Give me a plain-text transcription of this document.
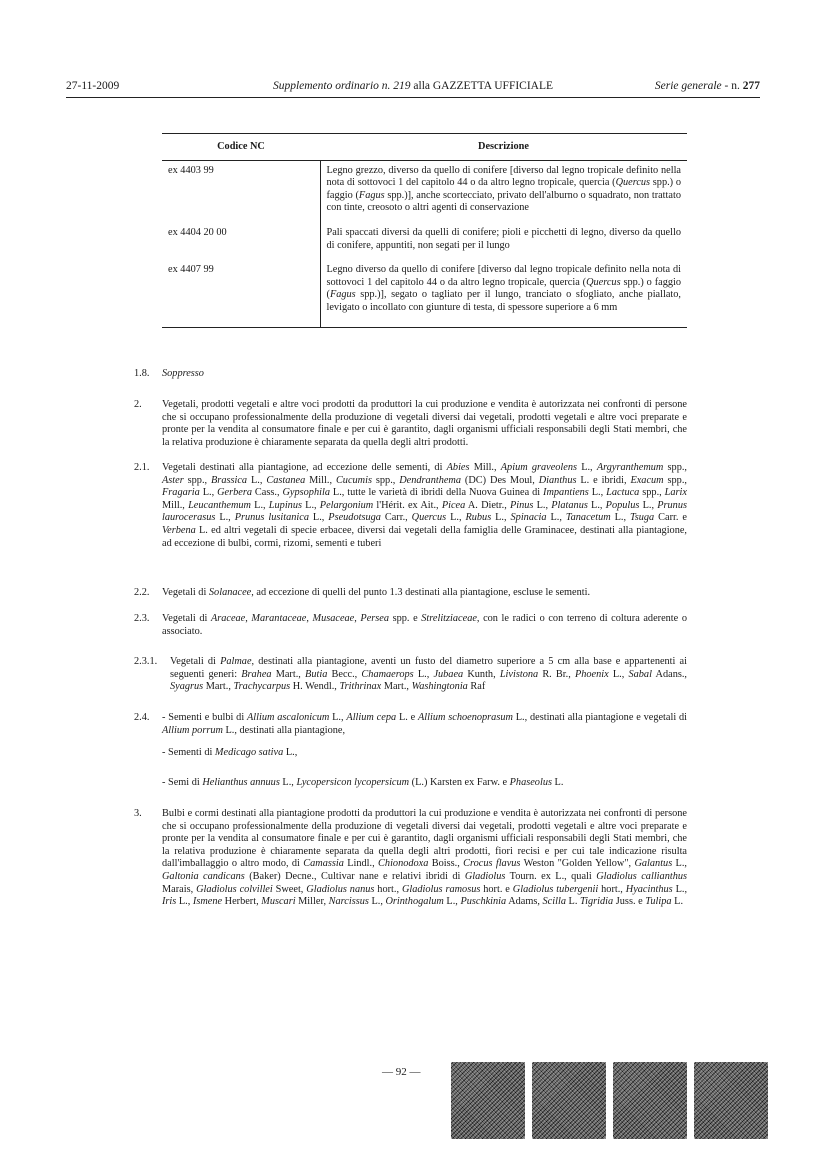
27-11-2009	Supplemento ordinario n. 219 alla GAZZETTA UFFICIALE	Serie generale - n. 277
Codice NC	Descrizione
ex 4403 99	Legno grezzo, diverso da quello di conifere [diverso dal legno tropicale definito nella nota di sottovoci 1 del capitolo 44 o da altro legno tropicale, quercia (Quercus spp.) o faggio (Fagus spp.)], anche scortecciato, privato dell'alburno o squadrato, non trattato con tinte, creosoto o altri agenti di conservazione
ex 4404 20 00	Pali spaccati diversi da quelli di conifere; pioli e picchetti di legno, diverso da quello di conifere, appuntiti, non segati per il lungo
ex 4407 99	Legno diverso da quello di conifere [diverso dal legno tropicale definito nella nota di sottovoci 1 del capitolo 44 o da altro legno tropicale, quercia (Quercus spp.) o faggio (Fagus spp.)], segato o tagliato per il lungo, tranciato o sfogliato, anche piallato, levigato o incollato con giunture di testa, di spessore superiore a 6 mm
1.8. Soppresso
2. Vegetali, prodotti vegetali e altre voci prodotti da produttori la cui produzione e vendita è autorizzata nei confronti di persone che si occupano professionalmente della produzione di vegetali diversi dai vegetali, prodotti vegetali e altre voci preparate e pronte per la vendita al consumatore finale e per cui è garantito, dagli organismi ufficiali responsabili degli Stati membri, che la relativa produzione è chiaramente separata da quella degli altri prodotti.
2.1. Vegetali destinati alla piantagione, ad eccezione delle sementi, di Abies Mill., Apium graveolens L., Argyranthemum spp., Aster spp., Brassica L., Castanea Mill., Cucumis spp., Dendranthema (DC) Des Moul, Dianthus L. e ibridi, Exacum spp., Fragaria L., Gerbera Cass., Gypsophila L., tutte le varietà di ibridi della Nuova Guinea di Impantiens L., Lactuca spp., Larix Mill., Leucanthemum L., Lupinus L., Pelargonium l'Hérit. ex Ait., Picea A. Dietr., Pinus L., Platanus L., Populus L., Prunus laurocerasus L., Prunus lusitanica L., Pseudotsuga Carr., Quercus L., Rubus L., Spinacia L., Tanacetum L., Tsuga Carr. e Verbena L. ed altri vegetali di specie erbacee, diversi dai vegetali della famiglia delle Graminacee, destinati alla piantagione, ad eccezione di bulbi, cormi, rizomi, sementi e tuberi
2.2. Vegetali di Solanacee, ad eccezione di quelli del punto 1.3 destinati alla piantagione, escluse le sementi.
2.3. Vegetali di Araceae, Marantaceae, Musaceae, Persea spp. e Strelitziaceae, con le radici o con terreno di coltura aderente o associato.
2.3.1. Vegetali di Palmae, destinati alla piantagione, aventi un fusto del diametro superiore a 5 cm alla base e appartenenti ai seguenti generi: Brahea Mart., Butia Becc., Chamaerops L., Jubaea Kunth, Livistona R. Br., Phoenix L., Sabal Adans., Syagrus Mart., Trachycarpus H. Wendl., Trithrinax Mart., Washingtonia Raf
2.4. - Sementi e bulbi di Allium ascalonicum L., Allium cepa L. e Allium schoenoprasum L., destinati alla piantagione e vegetali di Allium porrum L., destinati alla piantagione,
- Sementi di Medicago sativa L.,
- Semi di Helianthus annuus L., Lycopersicon lycopersicum (L.) Karsten ex Farw. e Phaseolus L.
3. Bulbi e cormi destinati alla piantagione prodotti da produttori la cui produzione e vendita è autorizzata nei confronti di persone che si occupano professionalmente della produzione di vegetali diversi dai vegetali, prodotti vegetali e altre voci preparate e pronte per la vendita al consumatore finale e per cui è garantito, dagli organismi ufficiali responsabili degli Stati membri, che la relativa produzione è chiaramente separata da quella degli altri prodotti, fiori recisi e per cui tale indicazione risulta dall'imballaggio o altro modo, di Camassia Lindl., Chionodoxa Boiss., Crocus flavus Weston "Golden Yellow", Galantus L., Galtonia candicans (Baker) Decne., Cultivar nane e relativi ibridi di Gladiolus Tourn. ex L., quali Gladiolus callianthus Marais, Gladiolus colvillei Sweet, Gladiolus nanus hort., Gladiolus ramosus hort. e Gladiolus tubergenii hort., Hyacinthus L., Iris L., Ismene Herbert, Muscari Miller, Narcissus L., Orinthogalum L., Puschkinia Adams, Scilla L. Tigridia Juss. e Tulipa L.
— 92 —
